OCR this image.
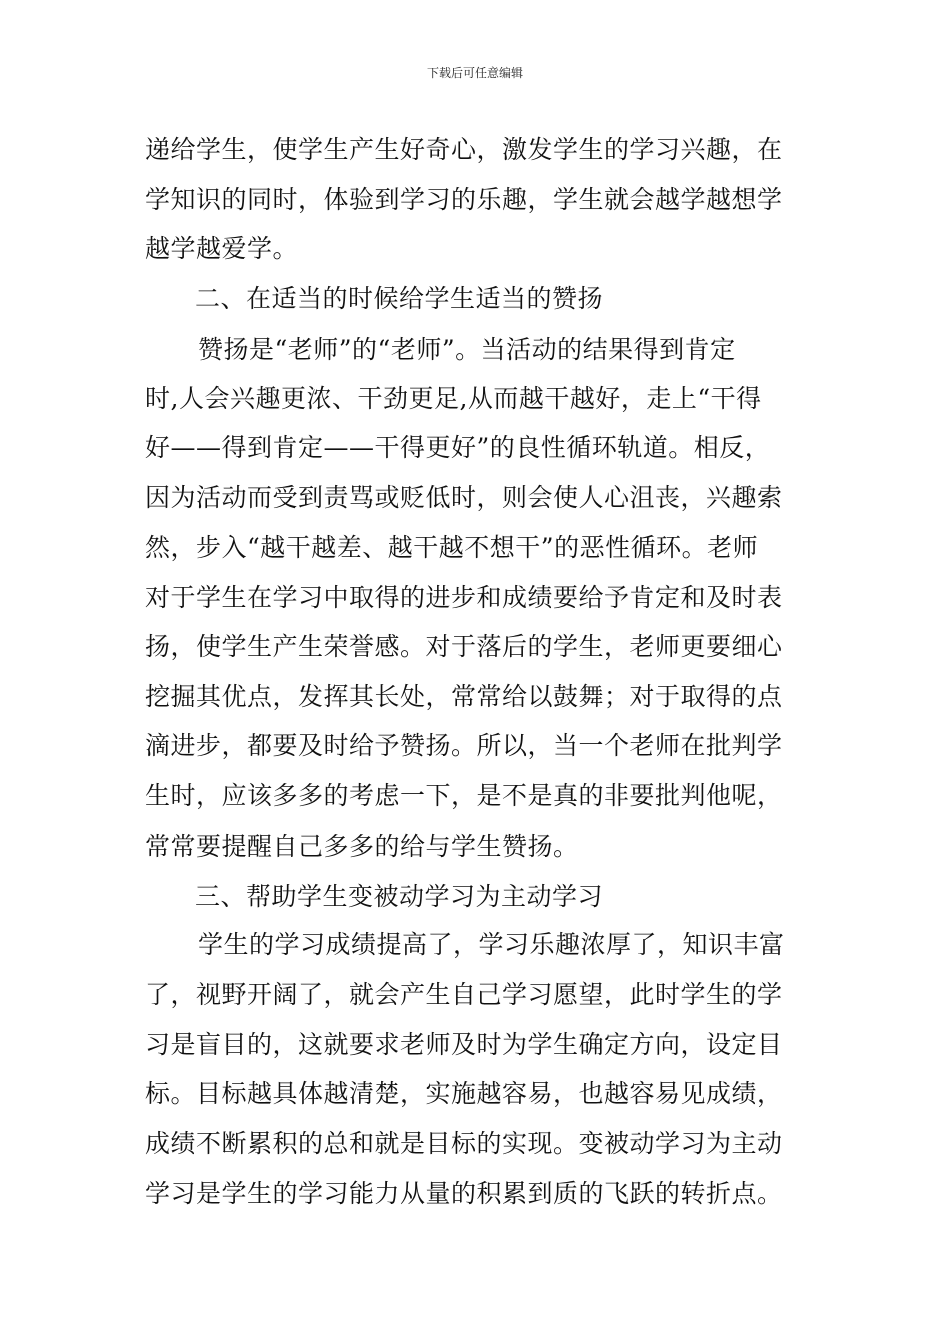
下载后可任意编辑
递给学生，使学生产生好奇心，激发学生的学习兴趣，在
学知识的同时，体验到学习的乐趣，学生就会越学越想学
越学越爱学。
二、在适当的时候给学生适当的赞扬
赞扬是“老师”的“老师”。当活动的结果得到肯定
时,人会兴趣更浓、干劲更足,从而越干越好，走上“干得
好——得到肯定——干得更好”的良性循环轨道。相反，
因为活动而受到责骂或贬低时，则会使人心沮丧，兴趣索
然，步入“越干越差、越干越不想干”的恶性循环。老师
对于学生在学习中取得的进步和成绩要给予肯定和及时表
扬，使学生产生荣誉感。对于落后的学生，老师更要细心
挖掘其优点，发挥其长处，常常给以鼓舞；对于取得的点
滴进步，都要及时给予赞扬。所以，当一个老师在批判学
生时，应该多多的考虑一下，是不是真的非要批判他呢，
常常要提醒自己多多的给与学生赞扬。
三、帮助学生变被动学习为主动学习
学生的学习成绩提高了，学习乐趣浓厚了，知识丰富
了，视野开阔了，就会产生自己学习愿望，此时学生的学
习是盲目的，这就要求老师及时为学生确定方向，设定目
标。目标越具体越清楚，实施越容易，也越容易见成绩，
成绩不断累积的总和就是目标的实现。变被动学习为主动
学习是学生的学习能力从量的积累到质的飞跃的转折点。
